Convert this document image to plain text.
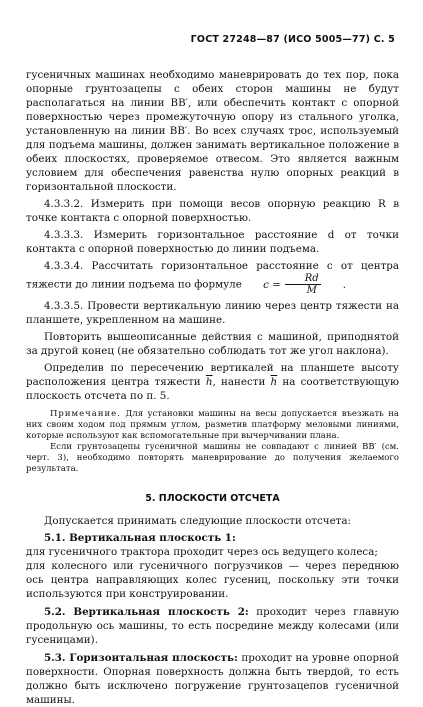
ГОСТ 27248—87 (ИСО 5005—77) С. 5

гусеничных машинах необходимо маневрировать до тех пор, пока опорные грунтозацепы с обеих сторон машины не будут располагаться на линии BB′, или обеспечить контакт с опорной поверхностью через промежуточную опору из стального уголка, установленную на линии BB′. Во всех случаях трос, используемый для подъема машины, должен занимать вертикальное положение в обеих плоскостях, проверяемое отвесом. Это является важным условием для обеспечения равенства нулю опорных реакций в горизонтальной плоскости.

4.3.3.2. Измерить при помощи весов опорную реакцию R в точке контакта с опорной поверхностью.

4.3.3.3. Измерить горизонтальное расстояние d от точки контакта с опорной поверхностью до линии подъема.

4.3.3.4. Рассчитать горизонтальное расстояние c от центра тяжести до линии подъема по формуле	$c = \frac{Rd}{M}$	.

4.3.3.5. Провести вертикальную линию через центр тяжести на планшете, укрепленном на машине.

Повторить вышеописанные действия с машиной, приподнятой за другой конец (не обязательно соблюдать тот же угол наклона).

Определив по пересечению вертикалей на планшете высоту расположения центра тяжести $\overline{h}$, нанести $\overline{h}$ на соответствующую плоскость отсчета по п. 5.

Примечание. Для установки машины на весы допускается въезжать на них своим ходом под прямым углом, разметив платформу меловыми линиями, которые используют как вспомогательные при вычерчивании плана.

Если грунтозацепы гусеничной машины не совпадают с линией BB′ (см. черт. 3), необходимо повторять маневрирование до получения желаемого результата.

5. ПЛОСКОСТИ ОТСЧЕТА

Допускается принимать следующие плоскости отсчета:

5.1. Вертикальная плоскость 1:

для гусеничного трактора проходит через ось ведущего колеса;

для колесного или гусеничного погрузчиков — через переднюю ось центра направляющих колес гусениц, поскольку эти точки используются при конструировании.

5.2. Вертикальная плоскость 2: проходит через главную продольную ось машины, то есть посредине между колесами (или гусеницами).

5.3. Горизонтальная плоскость: проходит на уровне опорной поверхности. Опорная поверхность должна быть твердой, то есть должно быть исключено погружение грунтозацепов гусеничной машины.
